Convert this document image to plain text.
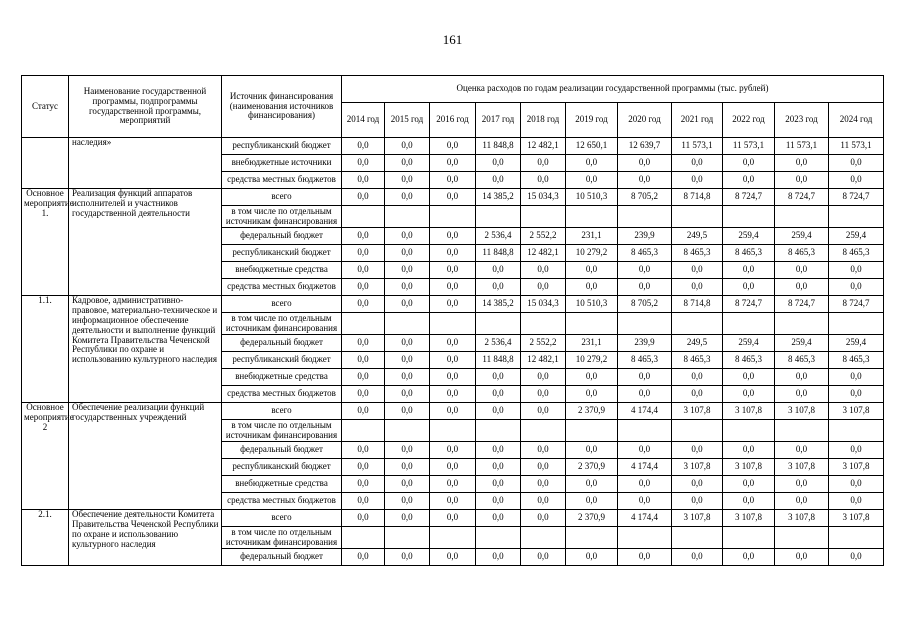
161
Статус	Наименование государственной программы, подпрограммы государственной программы, мероприятий	Источник финансирования (наименования источников финансирования)	Оценка расходов по годам реализации государственной программы (тыс. рублей)										
			2014 год	2015 год	2016 год	2017 год	2018 год	2019 год	2020 год	2021 год	2022 год	2023 год	2024 год
	наследия»	республиканский бюджет	0,0	0,0	0,0	11 848,8	12 482,1	12 650,1	12 639,7	11 573,1	11 573,1	11 573,1	11 573,1
		внебюджетные источники	0,0	0,0	0,0	0,0	0,0	0,0	0,0	0,0	0,0	0,0	0,0
		средства местных бюджетов	0,0	0,0	0,0	0,0	0,0	0,0	0,0	0,0	0,0	0,0	0,0
Основное мероприятие 1.	Реализация функций аппаратов исполнителей и участников государственной деятельности	всего	0,0	0,0	0,0	14 385,2	15 034,3	10 510,3	8 705,2	8 714,8	8 724,7	8 724,7	8 724,7
		в том числе по отдельным источникам финансирования											
		федеральный бюджет	0,0	0,0	0,0	2 536,4	2 552,2	231,1	239,9	249,5	259,4	259,4	259,4
		республиканский бюджет	0,0	0,0	0,0	11 848,8	12 482,1	10 279,2	8 465,3	8 465,3	8 465,3	8 465,3	8 465,3
		внебюджетные средства	0,0	0,0	0,0	0,0	0,0	0,0	0,0	0,0	0,0	0,0	0,0
		средства местных бюджетов	0,0	0,0	0,0	0,0	0,0	0,0	0,0	0,0	0,0	0,0	0,0
1.1.	Кадровое, административно-правовое, материально-техническое и информационное обеспечение деятельности и выполнение функций Комитета Правительства Чеченской Республики по охране и использованию культурного наследия	всего	0,0	0,0	0,0	14 385,2	15 034,3	10 510,3	8 705,2	8 714,8	8 724,7	8 724,7	8 724,7
		в том числе по отдельным источникам финансирования											
		федеральный бюджет	0,0	0,0	0,0	2 536,4	2 552,2	231,1	239,9	249,5	259,4	259,4	259,4
		республиканский бюджет	0,0	0,0	0,0	11 848,8	12 482,1	10 279,2	8 465,3	8 465,3	8 465,3	8 465,3	8 465,3
		внебюджетные средства	0,0	0,0	0,0	0,0	0,0	0,0	0,0	0,0	0,0	0,0	0,0
		средства местных бюджетов	0,0	0,0	0,0	0,0	0,0	0,0	0,0	0,0	0,0	0,0	0,0
Основное мероприятие 2	Обеспечение реализации функций государственных учреждений	всего	0,0	0,0	0,0	0,0	0,0	2 370,9	4 174,4	3 107,8	3 107,8	3 107,8	3 107,8
		в том числе по отдельным источникам финансирования											
		федеральный бюджет	0,0	0,0	0,0	0,0	0,0	0,0	0,0	0,0	0,0	0,0	0,0
		республиканский бюджет	0,0	0,0	0,0	0,0	0,0	2 370,9	4 174,4	3 107,8	3 107,8	3 107,8	3 107,8
		внебюджетные средства	0,0	0,0	0,0	0,0	0,0	0,0	0,0	0,0	0,0	0,0	0,0
		средства местных бюджетов	0,0	0,0	0,0	0,0	0,0	0,0	0,0	0,0	0,0	0,0	0,0
2.1.	Обеспечение деятельности Комитета Правительства Чеченской Республики по охране и использованию культурного наследия	всего	0,0	0,0	0,0	0,0	0,0	2 370,9	4 174,4	3 107,8	3 107,8	3 107,8	3 107,8
		в том числе по отдельным источникам финансирования											
		федеральный бюджет	0,0	0,0	0,0	0,0	0,0	0,0	0,0	0,0	0,0	0,0	0,0
